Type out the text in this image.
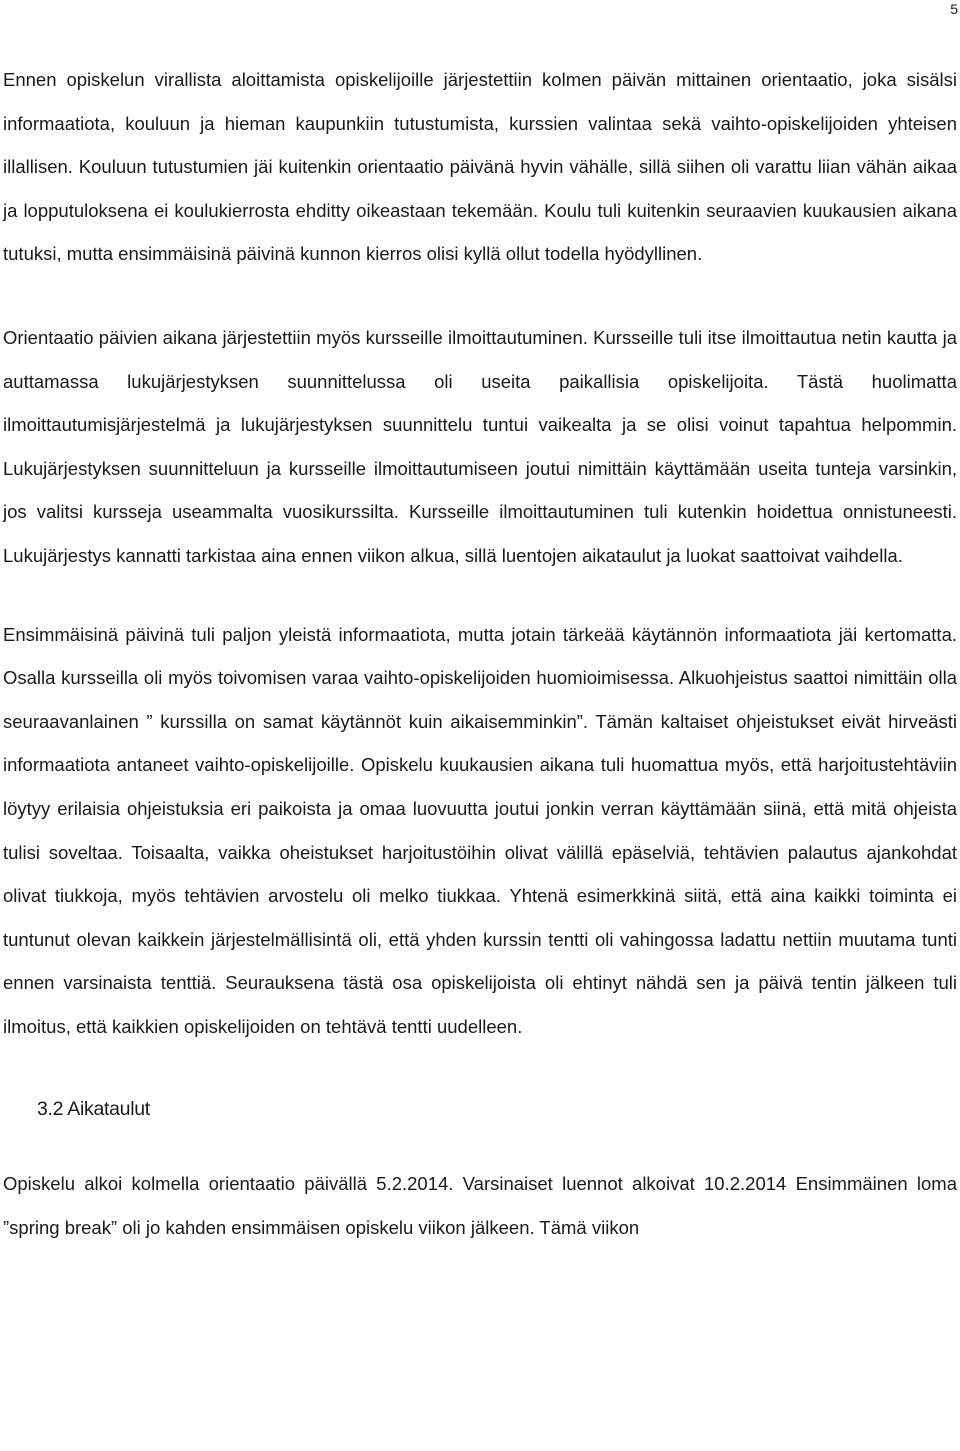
5

Ennen opiskelun virallista aloittamista opiskelijoille järjestettiin kolmen päivän mittainen orientaatio, joka sisälsi informaatiota, kouluun ja hieman kaupunkiin tutustumista, kurssien valintaa sekä vaihto-opiskelijoiden yhteisen illallisen. Kouluun tutustumien jäi kuitenkin orientaatio päivänä hyvin vähälle, sillä siihen oli varattu liian vähän aikaa ja lopputuloksena ei koulukierrosta ehditty oikeastaan tekemään. Koulu tuli kuitenkin seuraavien kuukausien aikana tutuksi, mutta ensimmäisinä päivinä kunnon kierros olisi kyllä ollut todella hyödyllinen.

Orientaatio päivien aikana järjestettiin myös kursseille ilmoittautuminen. Kursseille tuli itse ilmoittautua netin kautta ja auttamassa lukujärjestyksen suunnittelussa oli useita paikallisia opiskelijoita. Tästä huolimatta ilmoittautumisjärjestelmä ja lukujärjestyksen suunnittelu tuntui vaikealta ja se olisi voinut tapahtua helpommin. Lukujärjestyksen suunnitteluun ja kursseille ilmoittautumiseen joutui nimittäin käyttämään useita tunteja varsinkin, jos valitsi kursseja useammalta vuosikurssilta. Kursseille ilmoittautuminen tuli kutenkin hoidettua onnistuneesti. Lukujärjestys kannatti tarkistaa aina ennen viikon alkua, sillä luentojen aikataulut ja luokat saattoivat vaihdella.

Ensimmäisinä päivinä tuli paljon yleistä informaatiota, mutta jotain tärkeää käytännön informaatiota jäi kertomatta. Osalla kursseilla oli myös toivomisen varaa vaihto-opiskelijoiden huomioimisessa. Alkuohjeistus saattoi nimittäin olla seuraavanlainen ” kurssilla on samat käytännöt kuin aikaisemminkin”. Tämän kaltaiset ohjeistukset eivät hirveästi informaatiota antaneet vaihto-opiskelijoille. Opiskelu kuukausien aikana tuli huomattua myös, että harjoitustehtäviin löytyy erilaisia ohjeistuksia eri paikoista ja omaa luovuutta joutui jonkin verran käyttämään siinä, että mitä ohjeista tulisi soveltaa. Toisaalta, vaikka oheistukset harjoitustöihin olivat välillä epäselviä, tehtävien palautus ajankohdat olivat tiukkoja, myös tehtävien arvostelu oli melko tiukkaa. Yhtenä esimerkkinä siitä, että aina kaikki toiminta ei tuntunut olevan kaikkein järjestelmällisintä oli, että yhden kurssin tentti oli vahingossa ladattu nettiin muutama tunti ennen varsinaista tenttiä. Seurauksena tästä osa opiskelijoista oli ehtinyt nähdä sen ja päivä tentin jälkeen tuli ilmoitus, että kaikkien opiskelijoiden on tehtävä tentti uudelleen.

3.2 Aikataulut

Opiskelu alkoi kolmella orientaatio päivällä 5.2.2014. Varsinaiset luennot alkoivat 10.2.2014 Ensimmäinen loma ”spring break” oli jo kahden ensimmäisen opiskelu viikon jälkeen. Tämä viikon
